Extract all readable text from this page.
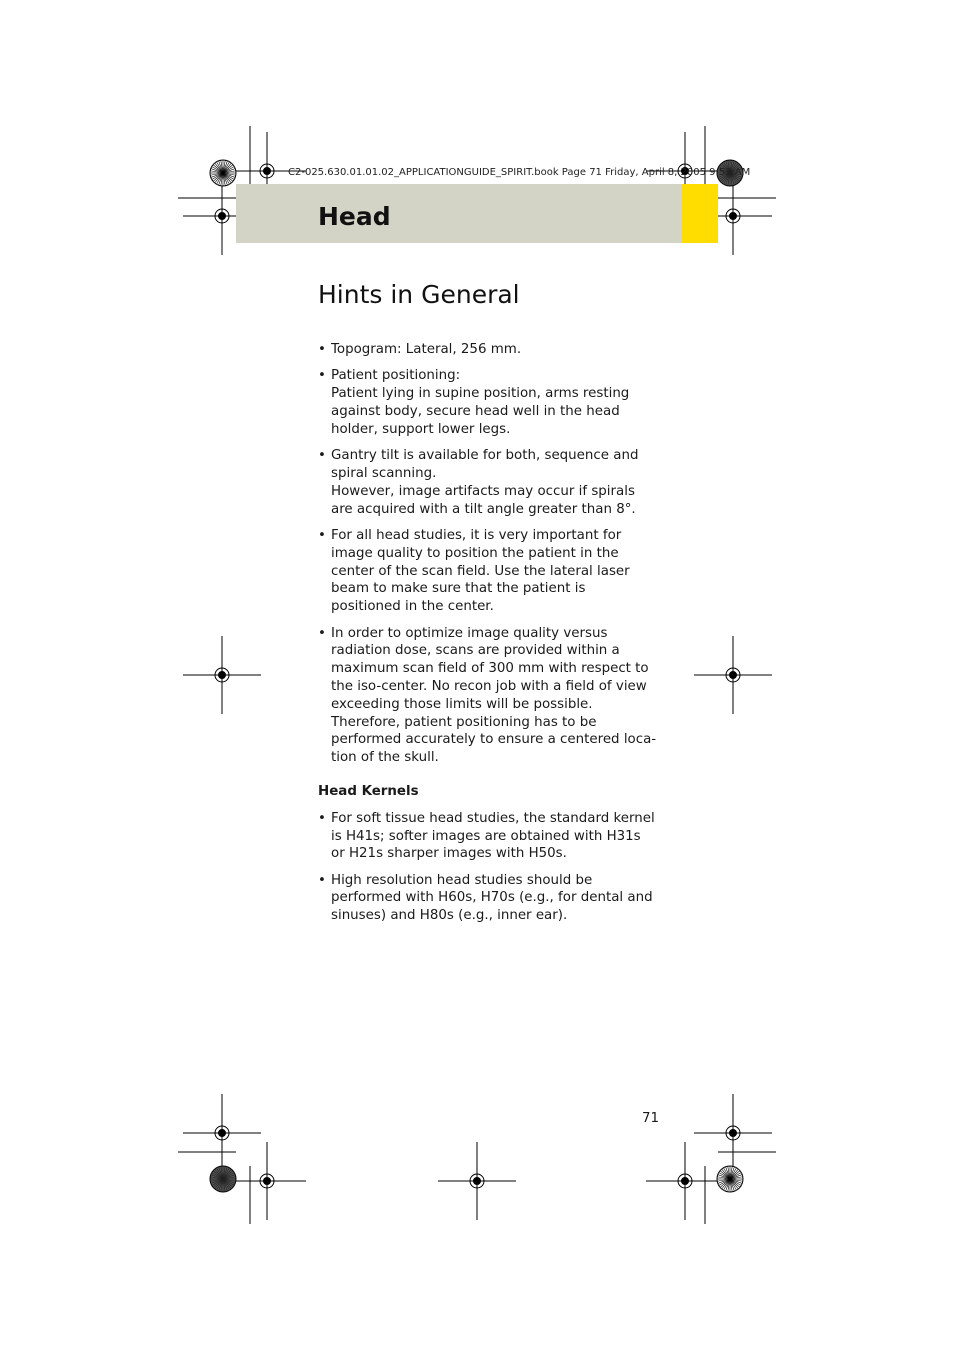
C2-025.630.01.01.02_APPLICATIONGUIDE_SPIRIT.book Page 71 Friday, April 8, 2005 9:53 AM
Head
Hints in General
• Topogram: Lateral, 256 mm.
• Patient positioning:
Patient lying in supine position, arms resting against body, secure head well in the head holder, support lower legs.
• Gantry tilt is available for both, sequence and spiral scanning.
However, image artifacts may occur if spirals are acquired with a tilt angle greater than 8°.
• For all head studies, it is very important for image quality to position the patient in the center of the scan field. Use the lateral laser beam to make sure that the patient is positioned in the center.
• In order to optimize image quality versus radiation dose, scans are provided within a maximum scan field of 300 mm with respect to the iso-center. No recon job with a field of view exceeding those limits will be possible. Therefore, patient positioning has to be performed accurately to ensure a centered loca-tion of the skull.
Head Kernels
• For soft tissue head studies, the standard kernel is H41s; softer images are obtained with H31s or H21s sharper images with H50s.
• High resolution head studies should be performed with H60s, H70s (e.g., for dental and sinuses) and H80s (e.g., inner ear).
71
